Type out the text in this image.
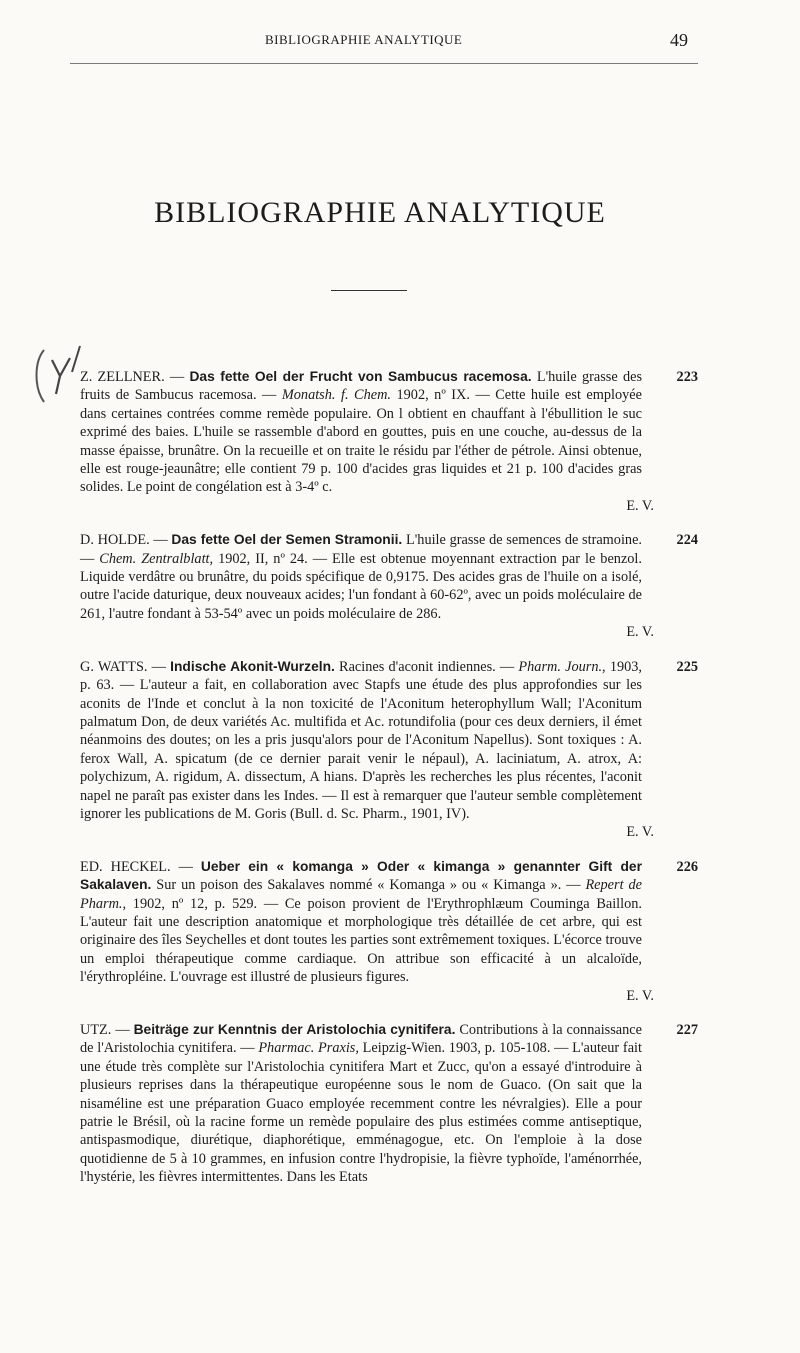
BIBLIOGRAPHIE ANALYTIQUE	49
BIBLIOGRAPHIE ANALYTIQUE
223

Z. ZELLNER. — Das fette Oel der Frucht von Sambucus racemosa. L'huile grasse des fruits de Sambucus racemosa. — Monatsh. f. Chem. 1902, nº IX. — Cette huile est employée dans certaines contrées comme remède populaire. On l obtient en chauffant à l'ébullition le suc exprimé des baies. L'huile se rassemble d'abord en gouttes, puis en une couche, au-dessus de la masse épaisse, brunâtre. On la recueille et on traite le résidu par l'éther de pétrole. Ainsi obtenue, elle est rouge-jeaunâtre; elle contient 79 p. 100 d'acides gras liquides et 21 p. 100 d'acides gras solides. Le point de congélation est à 3-4º c.

E. V.

224

D. HOLDE. — Das fette Oel der Semen Stramonii. L'huile grasse de semences de stramoine. — Chem. Zentralblatt, 1902, II, nº 24. — Elle est obtenue moyennant extraction par le benzol. Liquide verdâtre ou brunâtre, du poids spécifique de 0,9175. Des acides gras de l'huile on a isolé, outre l'acide daturique, deux nouveaux acides; l'un fondant à 60-62º, avec un poids moléculaire de 261, l'autre fondant à 53-54º avec un poids moléculaire de 286.

E. V.

225

G. WATTS. — Indische Akonit-Wurzeln. Racines d'aconit indiennes. — Pharm. Journ., 1903, p. 63. — L'auteur a fait, en collaboration avec Stapfs une étude des plus approfondies sur les aconits de l'Inde et conclut à la non toxicité de l'Aconitum heterophyllum Wall; l'Aconitum palmatum Don, de deux variétés Ac. multifida et Ac. rotundifolia (pour ces deux derniers, il émet néanmoins des doutes; on les a pris jusqu'alors pour de l'Aconitum Napellus). Sont toxiques : A. ferox Wall, A. spicatum (de ce dernier parait venir le népaul), A. laciniatum, A. atrox, A: polychizum, A. rigidum, A. dissectum, A hians. D'après les recherches les plus récentes, l'aconit napel ne paraît pas exister dans les Indes. — Il est à remarquer que l'auteur semble complètement ignorer les publications de M. Goris (Bull. d. Sc. Pharm., 1901, IV).

E. V.

226

ED. HECKEL. — Ueber ein « komanga » Oder « kimanga » genannter Gift der Sakalaven. Sur un poison des Sakalaves nommé « Komanga » ou « Kimanga ». — Repert de Pharm., 1902, nº 12, p. 529. — Ce poison provient de l'Erythrophlæum Couminga Baillon. L'auteur fait une description anatomique et morphologique très détaillée de cet arbre, qui est originaire des îles Seychelles et dont toutes les parties sont extrêmement toxiques. L'écorce trouve un emploi thérapeutique comme cardiaque. On attribue son efficacité à un alcaloïde, l'érythropléine. L'ouvrage est illustré de plusieurs figures.

E. V.

227

UTZ. — Beiträge zur Kenntnis der Aristolochia cynitifera. Contributions à la connaissance de l'Aristolochia cynitifera. — Pharmac. Praxis, Leipzig-Wien. 1903, p. 105-108. — L'auteur fait une étude très complète sur l'Aristolochia cynitifera Mart et Zucc, qu'on a essayé d'introduire à plusieurs reprises dans la thérapeutique européenne sous le nom de Guaco. (On sait que la nisaméline est une préparation Guaco employée recemment contre les névralgies). Elle a pour patrie le Brésil, où la racine forme un remède populaire des plus estimées comme antiseptique, antispasmodique, diurétique, diaphorétique, emménagogue, etc. On l'emploie à la dose quotidienne de 5 à 10 grammes, en infusion contre l'hydropisie, la fièvre typhoïde, l'aménorrhée, l'hystérie, les fièvres intermittentes. Dans les Etats
